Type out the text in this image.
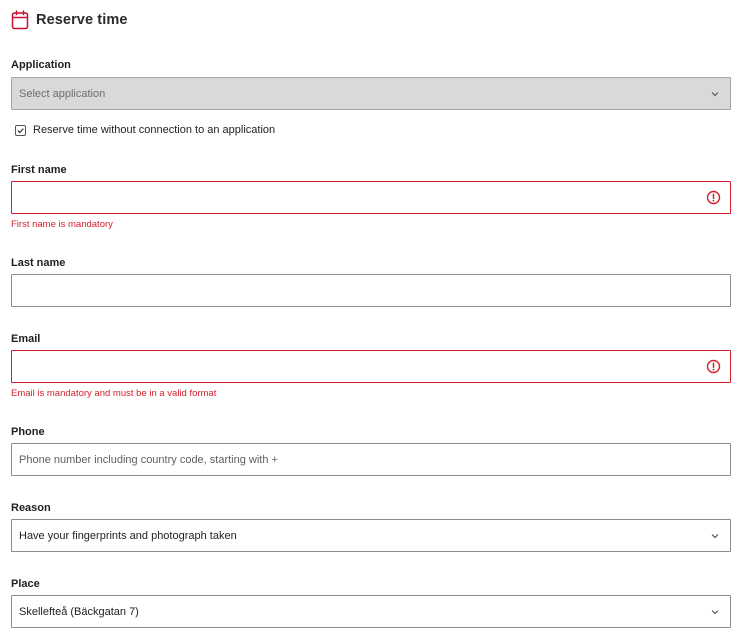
Reserve time
Application
Select application
Reserve time without connection to an application
First name
First name is mandatory
Last name
Email
Email is mandatory and must be in a valid format
Phone
Phone number including country code, starting with +
Reason
Have your fingerprints and photograph taken
Place
Skellefteå (Bäckgatan 7)
